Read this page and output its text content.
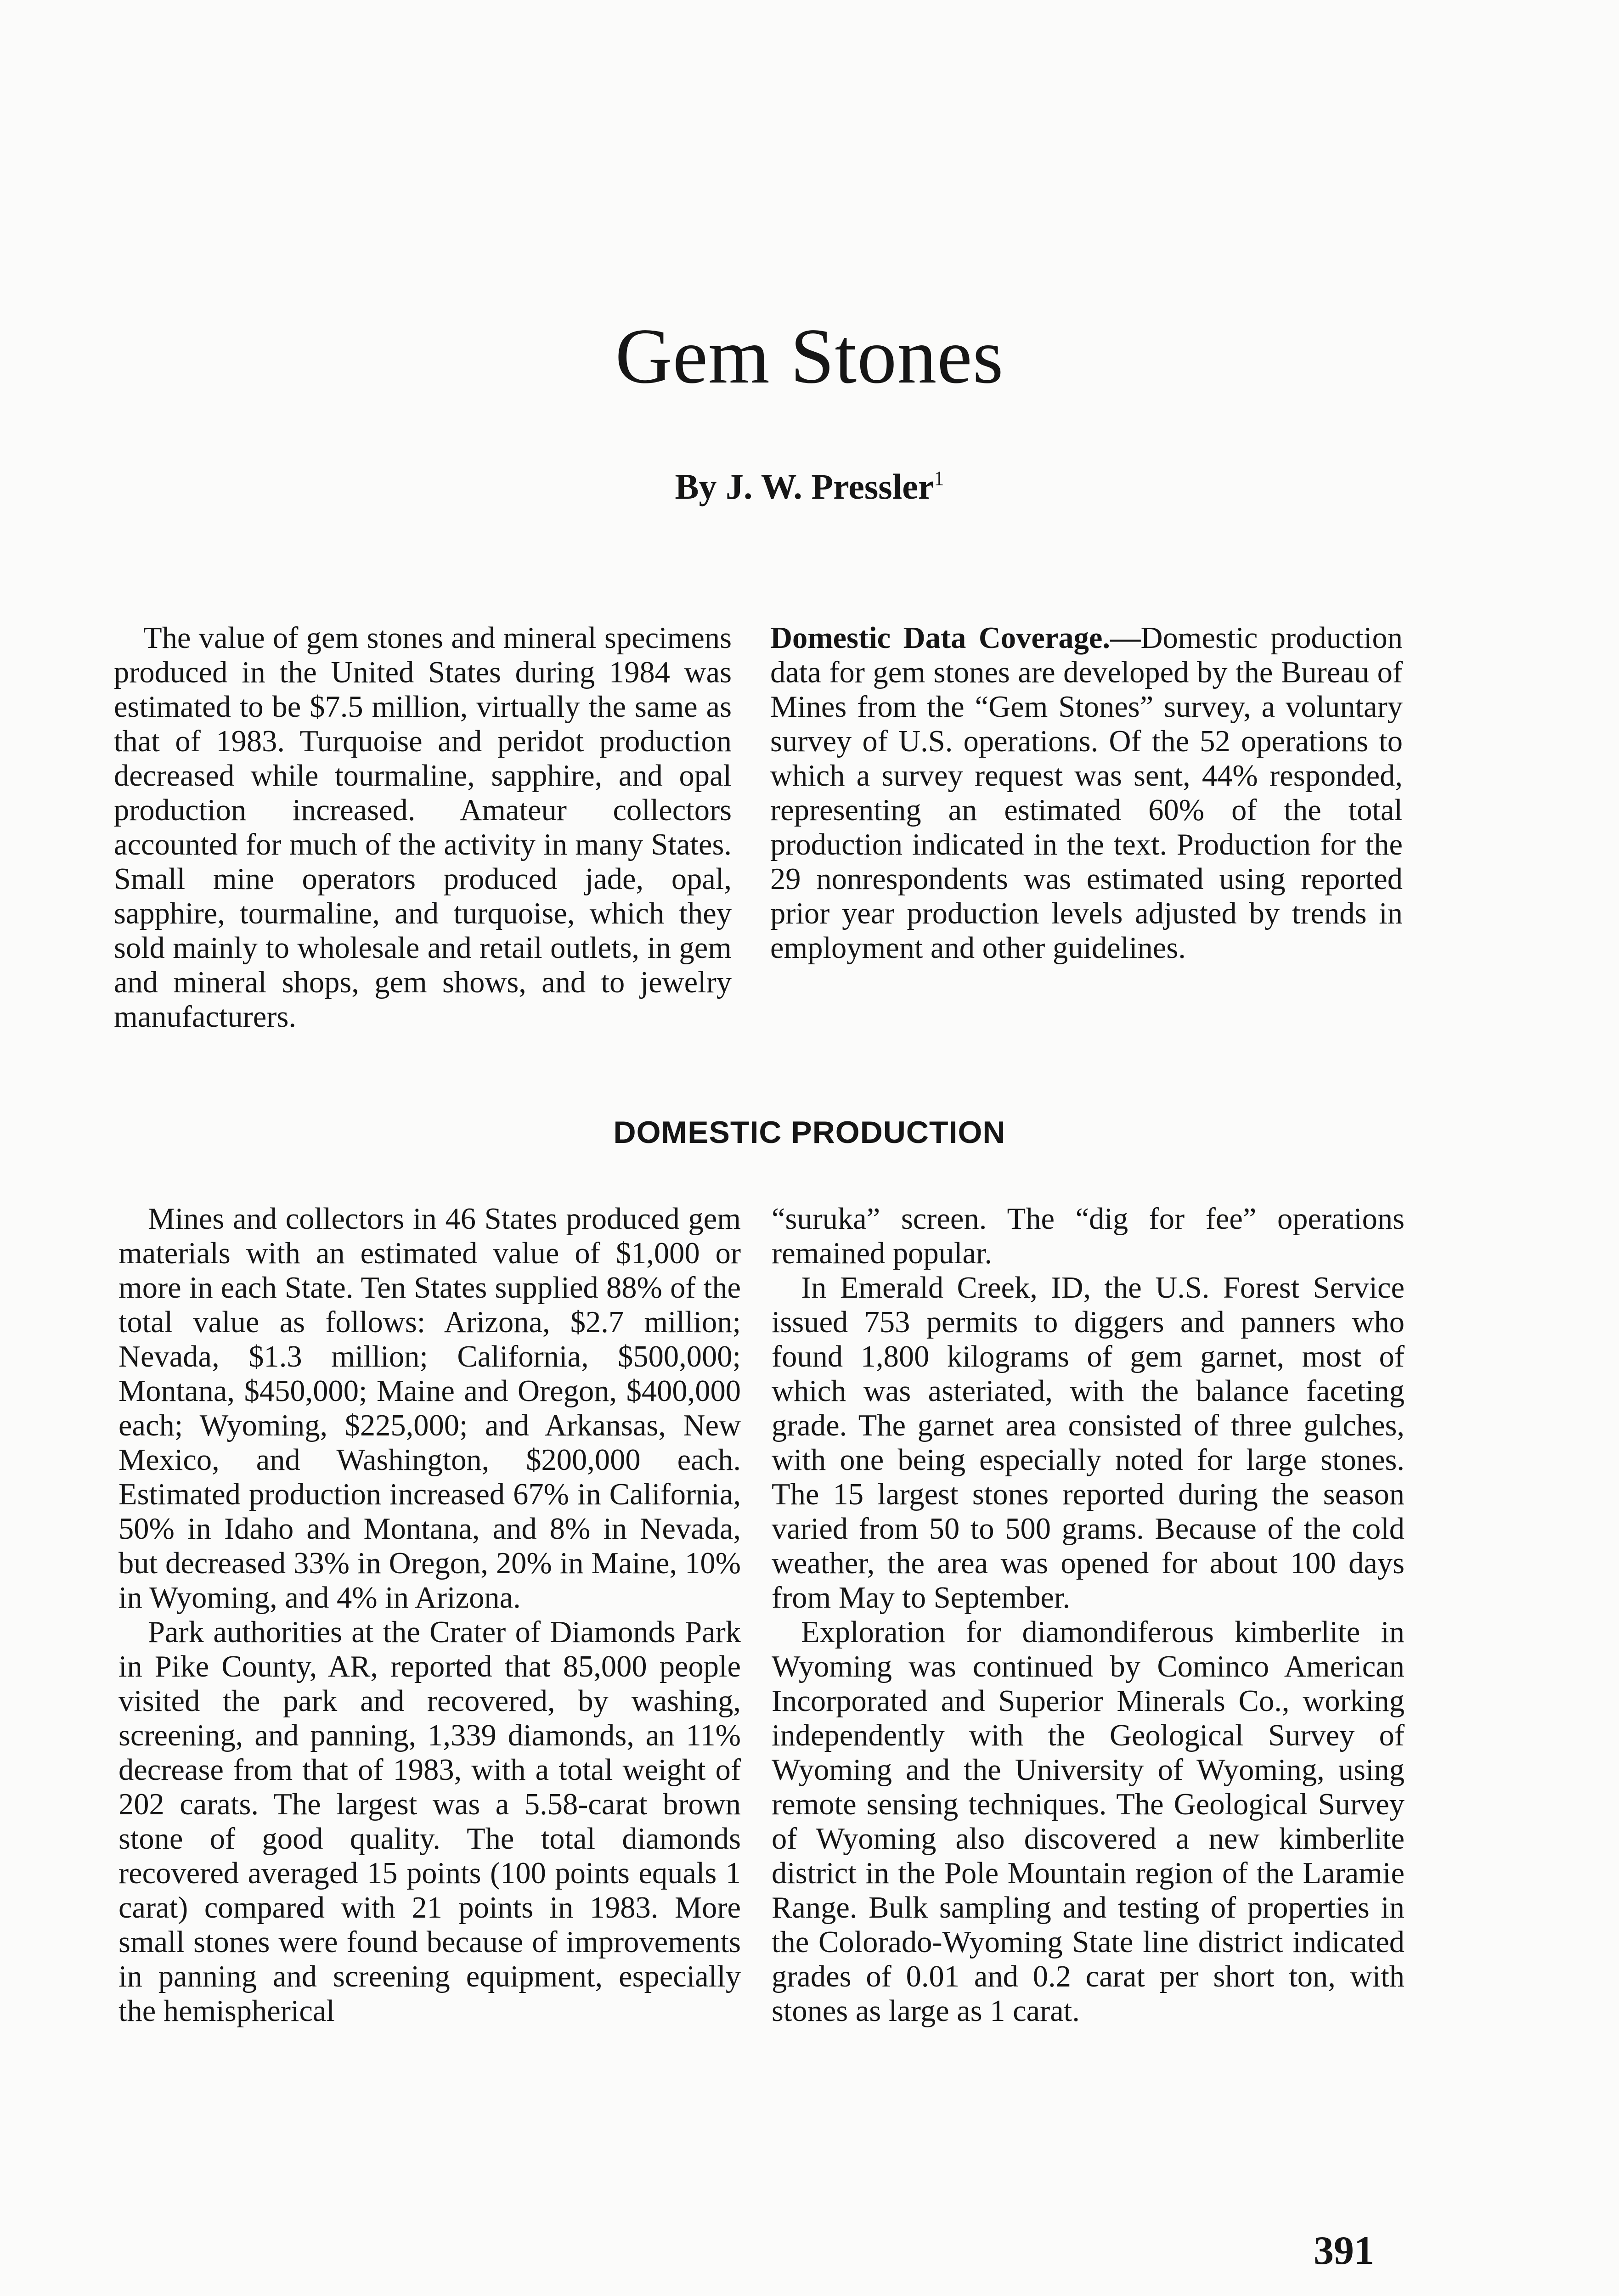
Gem Stones
By J. W. Pressler$^1$

The value of gem stones and mineral specimens produced in the United States during 1984 was estimated to be $7.5 million, virtually the same as that of 1983. Turquoise and peridot production decreased while tourmaline, sapphire, and opal production increased. Amateur collectors accounted for much of the activity in many States. Small mine operators produced jade, opal, sapphire, tourmaline, and turquoise, which they sold mainly to wholesale and retail outlets, in gem and mineral shops, gem shows, and to jewelry manufacturers.

Domestic Data Coverage.—Domestic production data for gem stones are developed by the Bureau of Mines from the “Gem Stones” survey, a voluntary survey of U.S. operations. Of the 52 operations to which a survey request was sent, 44% responded, representing an estimated 60% of the total production indicated in the text. Production for the 29 nonrespondents was estimated using reported prior year production levels adjusted by trends in employment and other guidelines.

DOMESTIC PRODUCTION

Mines and collectors in 46 States produced gem materials with an estimated value of $1,000 or more in each State. Ten States supplied 88% of the total value as follows: Arizona, $2.7 million; Nevada, $1.3 million; California, $500,000; Montana, $450,000; Maine and Oregon, $400,000 each; Wyoming, $225,000; and Arkansas, New Mexico, and Washington, $200,000 each. Estimated production increased 67% in California, 50% in Idaho and Montana, and 8% in Nevada, but decreased 33% in Oregon, 20% in Maine, 10% in Wyoming, and 4% in Arizona.

Park authorities at the Crater of Diamonds Park in Pike County, AR, reported that 85,000 people visited the park and recovered, by washing, screening, and panning, 1,339 diamonds, an 11% decrease from that of 1983, with a total weight of 202 carats. The largest was a 5.58-carat brown stone of good quality. The total diamonds recovered averaged 15 points (100 points equals 1 carat) compared with 21 points in 1983. More small stones were found because of improvements in panning and screening equipment, especially the hemispherical

“suruka” screen. The “dig for fee” operations remained popular.

In Emerald Creek, ID, the U.S. Forest Service issued 753 permits to diggers and panners who found 1,800 kilograms of gem garnet, most of which was asteriated, with the balance faceting grade. The garnet area consisted of three gulches, with one being especially noted for large stones. The 15 largest stones reported during the season varied from 50 to 500 grams. Because of the cold weather, the area was opened for about 100 days from May to September.

Exploration for diamondiferous kimberlite in Wyoming was continued by Cominco American Incorporated and Superior Minerals Co., working independently with the Geological Survey of Wyoming and the University of Wyoming, using remote sensing techniques. The Geological Survey of Wyoming also discovered a new kimberlite district in the Pole Mountain region of the Laramie Range. Bulk sampling and testing of properties in the Colorado-Wyoming State line district indicated grades of 0.01 and 0.2 carat per short ton, with stones as large as 1 carat.

391
